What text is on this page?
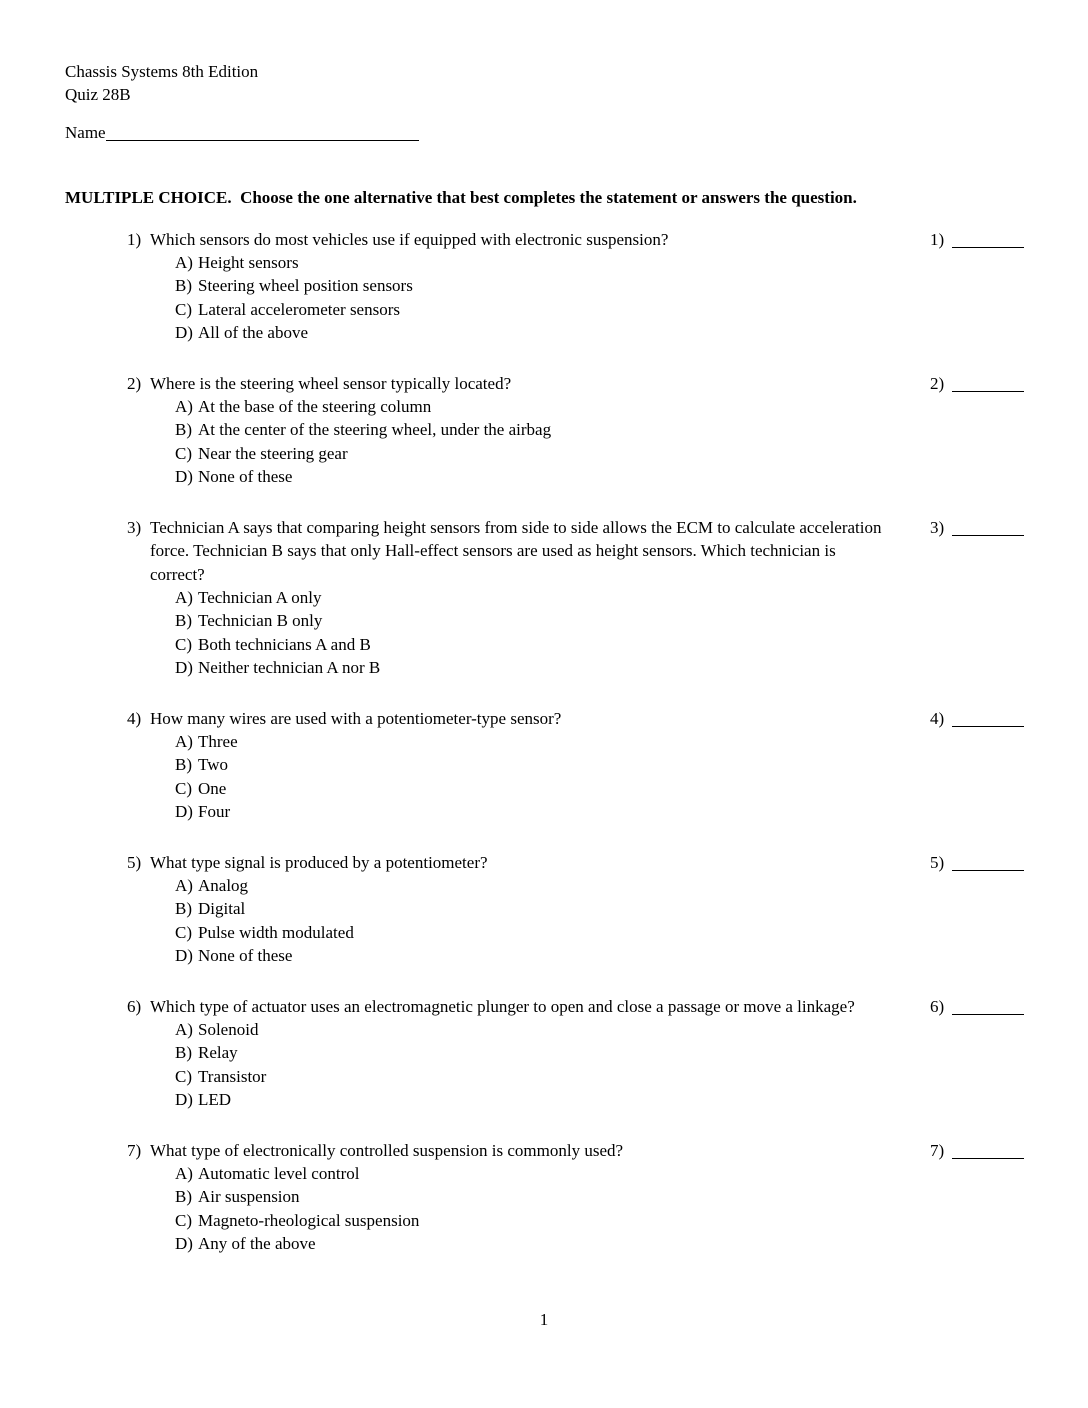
Chassis Systems 8th Edition
Quiz 28B
Name
MULTIPLE CHOICE.  Choose the one alternative that best completes the statement or answers the question.
1) Which sensors do most vehicles use if equipped with electronic suspension?
A) Height sensors
B) Steering wheel position sensors
C) Lateral accelerometer sensors
D) All of the above
1)
2) Where is the steering wheel sensor typically located?
A) At the base of the steering column
B) At the center of the steering wheel, under the airbag
C) Near the steering gear
D) None of these
2)
3) Technician A says that comparing height sensors from side to side allows the ECM to calculate acceleration force. Technician B says that only Hall-effect sensors are used as height sensors. Which technician is correct?
A) Technician A only
B) Technician B only
C) Both technicians A and B
D) Neither technician A nor B
3)
4) How many wires are used with a potentiometer-type sensor?
A) Three
B) Two
C) One
D) Four
4)
5) What type signal is produced by a potentiometer?
A) Analog
B) Digital
C) Pulse width modulated
D) None of these
5)
6) Which type of actuator uses an electromagnetic plunger to open and close a passage or move a linkage?
A) Solenoid
B) Relay
C) Transistor
D) LED
6)
7) What type of electronically controlled suspension is commonly used?
A) Automatic level control
B) Air suspension
C) Magneto-rheological suspension
D) Any of the above
7)
1
